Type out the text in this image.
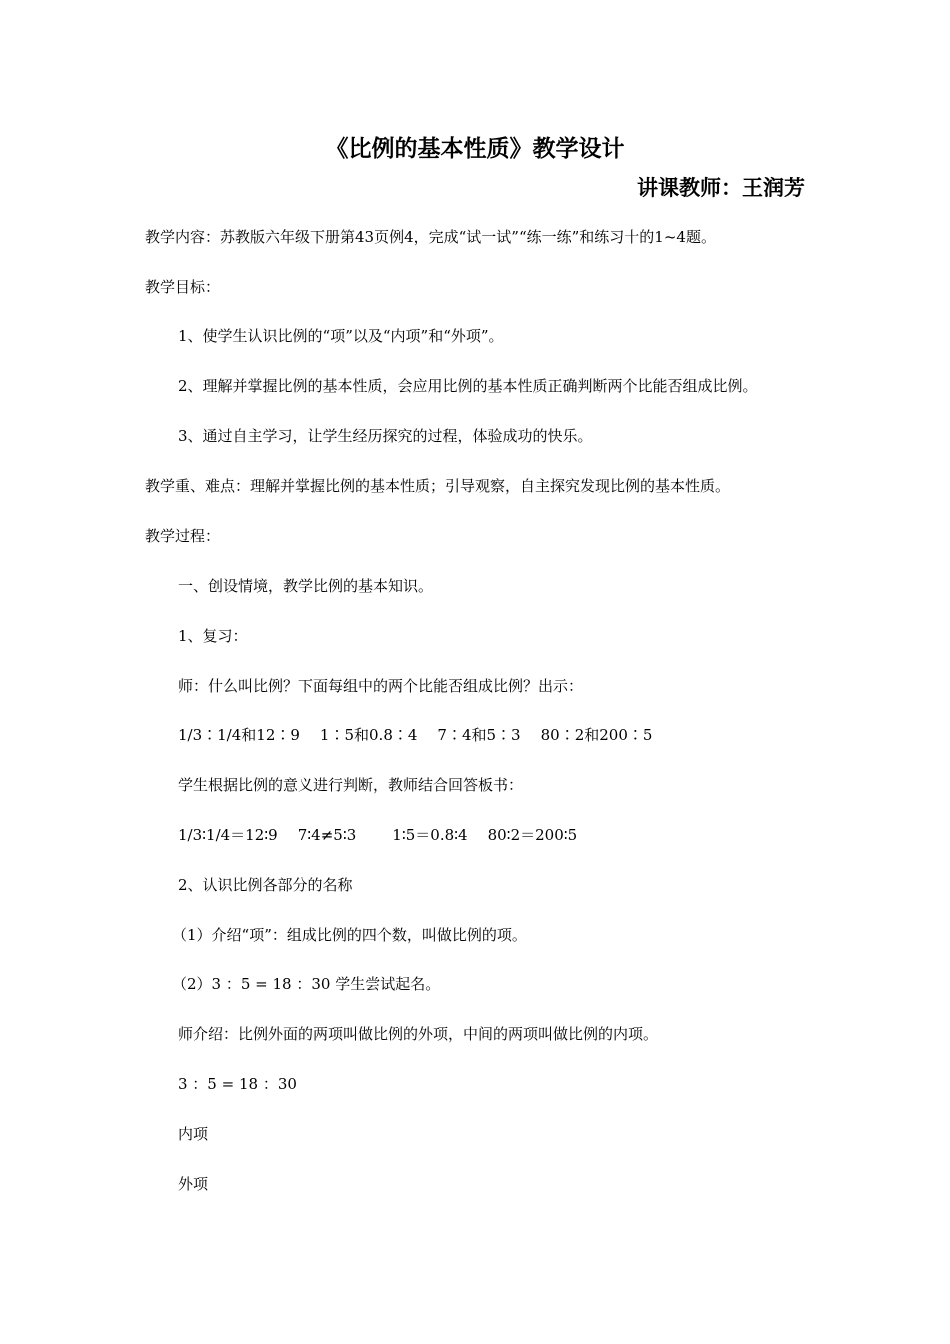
《比例的基本性质》教学设计
讲课教师：王润芳
教学内容：苏教版六年级下册第43页例4，完成“试一试”“练一练”和练习十的1~4题。
教学目标：
1、使学生认识比例的“项”以及“内项”和“外项”。
2、理解并掌握比例的基本性质，会应用比例的基本性质正确判断两个比能否组成比例。
3、通过自主学习，让学生经历探究的过程，体验成功的快乐。
教学重、难点：理解并掌握比例的基本性质；引导观察，自主探究发现比例的基本性质。
教学过程：
一、创设情境，教学比例的基本知识。
1、复习：
师：什么叫比例？下面每组中的两个比能否组成比例？出示：
1/3∶1/4和12∶9 1∶5和0.8∶4 7∶4和5∶3 80∶2和200∶5
学生根据比例的意义进行判断，教师结合回答板书：
1/3∶1/4＝12∶9 7∶4≠5∶3 1∶5＝0.8∶4 80∶2＝200∶5
2、认识比例各部分的名称
（1）介绍“项”：组成比例的四个数，叫做比例的项。
（2）3 ：5 = 18 ：30 学生尝试起名。
师介绍：比例外面的两项叫做比例的外项，中间的两项叫做比例的内项。
3 ：5 = 18 ：30
内项
外项
